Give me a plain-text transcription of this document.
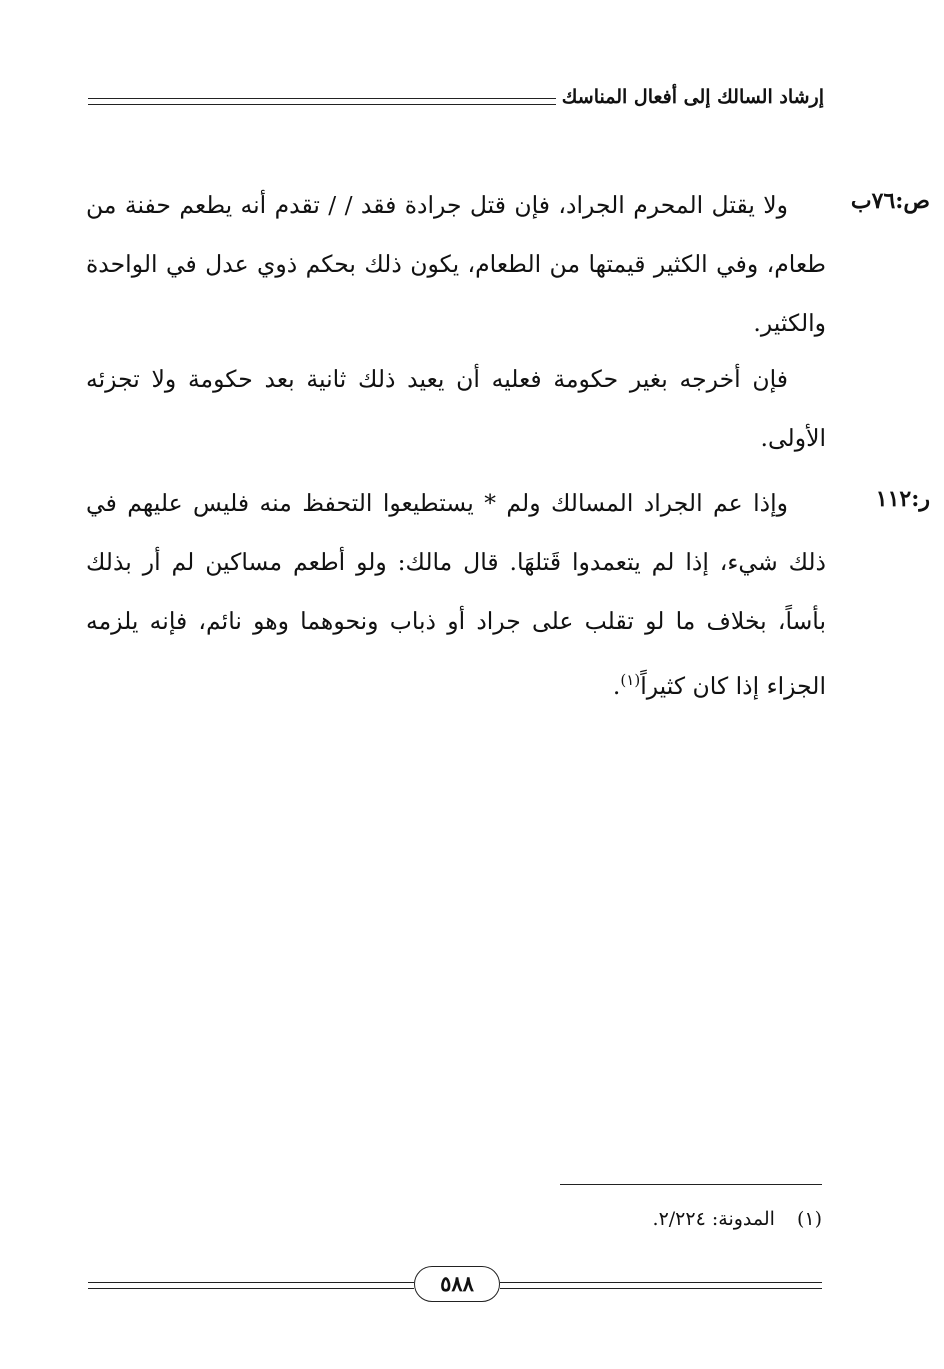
إرشاد السالك إلى أفعال المناسك
ص:٧٦ب

ولا يقتل المحرم الجراد، فإن قتل جرادة فقد / / تقدم أنه يطعم حفنة من طعام، وفي الكثير قيمتها من الطعام، يكون ذلك بحكم ذوي عدل في الواحدة والكثير.

فإن أخرجه بغير حكومة فعليه أن يعيد ذلك ثانية بعد حكومة ولا تجزئه الأولى.

ر:١١٢

وإذا عم الجراد المسالك ولم * يستطيعوا التحفظ منه فليس عليهم في ذلك شيء، إذا لم يتعمدوا قَتلهَا. قال مالك: ولو أطعم مساكين لم أر بذلك بأساً، بخلاف ما لو تقلب على جراد أو ذباب ونحوهما وهو نائم، فإنه يلزمه الجزاء إذا كان كثيراً$^{(١)}$.

(١)المدونة: ٢/٢٢٤.
٥٨٨
